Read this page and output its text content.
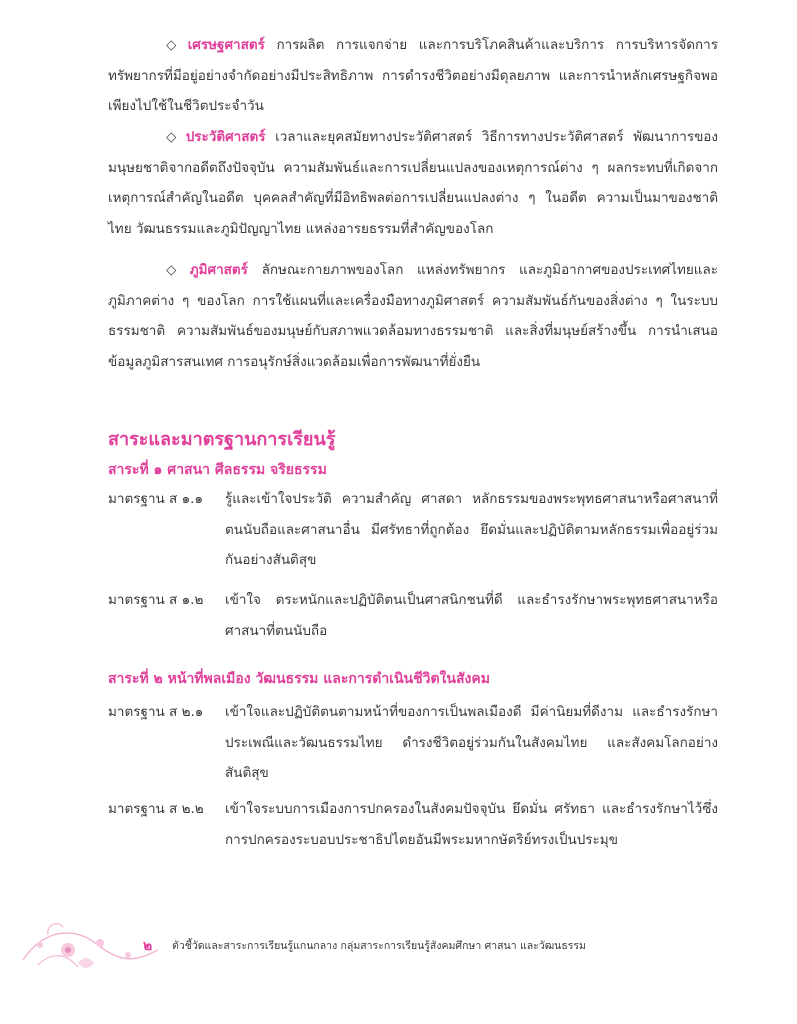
◇ เศรษฐศาสตร์ การผลิต การแจกจ่าย และการบริโภคสินค้าและบริการ การบริหารจัดการทรัพยากรที่มีอยู่อย่างจำกัดอย่างมีประสิทธิภาพ การดำรงชีวิตอย่างมีดุลยภาพ และการนำหลักเศรษฐกิจพอเพียงไปใช้ในชีวิตประจำวัน
◇ ประวัติศาสตร์ เวลาและยุคสมัยทางประวัติศาสตร์ วิธีการทางประวัติศาสตร์ พัฒนาการของมนุษยชาติจากอดีตถึงปัจจุบัน ความสัมพันธ์และการเปลี่ยนแปลงของเหตุการณ์ต่าง ๆ ผลกระทบที่เกิดจากเหตุการณ์สำคัญในอดีต บุคคลสำคัญที่มีอิทธิพลต่อการเปลี่ยนแปลงต่าง ๆ ในอดีต ความเป็นมาของชาติไทย วัฒนธรรมและภูมิปัญญาไทย แหล่งอารยธรรมที่สำคัญของโลก
◇ ภูมิศาสตร์ ลักษณะกายภาพของโลก แหล่งทรัพยากร และภูมิอากาศของประเทศไทยและภูมิภาคต่าง ๆ ของโลก การใช้แผนที่และเครื่องมือทางภูมิศาสตร์ ความสัมพันธ์กันของสิ่งต่าง ๆ ในระบบธรรมชาติ ความสัมพันธ์ของมนุษย์กับสภาพแวดล้อมทางธรรมชาติ และสิ่งที่มนุษย์สร้างขึ้น การนำเสนอข้อมูลภูมิสารสนเทศ การอนุรักษ์สิ่งแวดล้อมเพื่อการพัฒนาที่ยั่งยืน
สาระและมาตรฐานการเรียนรู้
สาระที่ ๑ ศาสนา ศีลธรรม จริยธรรม
มาตรฐาน ส ๑.๑	รู้และเข้าใจประวัติ ความสำคัญ ศาสดา หลักธรรมของพระพุทธศาสนาหรือศาสนาที่ตนนับถือและศาสนาอื่น มีศรัทธาที่ถูกต้อง ยึดมั่นและปฏิบัติตามหลักธรรมเพื่ออยู่ร่วมกันอย่างสันติสุข
มาตรฐาน ส ๑.๒	เข้าใจ ตระหนักและปฏิบัติตนเป็นศาสนิกชนที่ดี และธำรงรักษาพระพุทธศาสนาหรือศาสนาที่ตนนับถือ
สาระที่ ๒ หน้าที่พลเมือง วัฒนธรรม และการดำเนินชีวิตในสังคม
มาตรฐาน ส ๒.๑	เข้าใจและปฏิบัติตนตามหน้าที่ของการเป็นพลเมืองดี มีค่านิยมที่ดีงาม และธำรงรักษาประเพณีและวัฒนธรรมไทย ดำรงชีวิตอยู่ร่วมกันในสังคมไทย และสังคมโลกอย่างสันติสุข
มาตรฐาน ส ๒.๒	เข้าใจระบบการเมืองการปกครองในสังคมปัจจุบัน ยึดมั่น ศรัทธา และธำรงรักษาไว้ซึ่งการปกครองระบอบประชาธิปไตยอันมีพระมหากษัตริย์ทรงเป็นประมุข
๒ ตัวชี้วัดและสาระการเรียนรู้แกนกลาง กลุ่มสาระการเรียนรู้สังคมศึกษา ศาสนา และวัฒนธรรม
